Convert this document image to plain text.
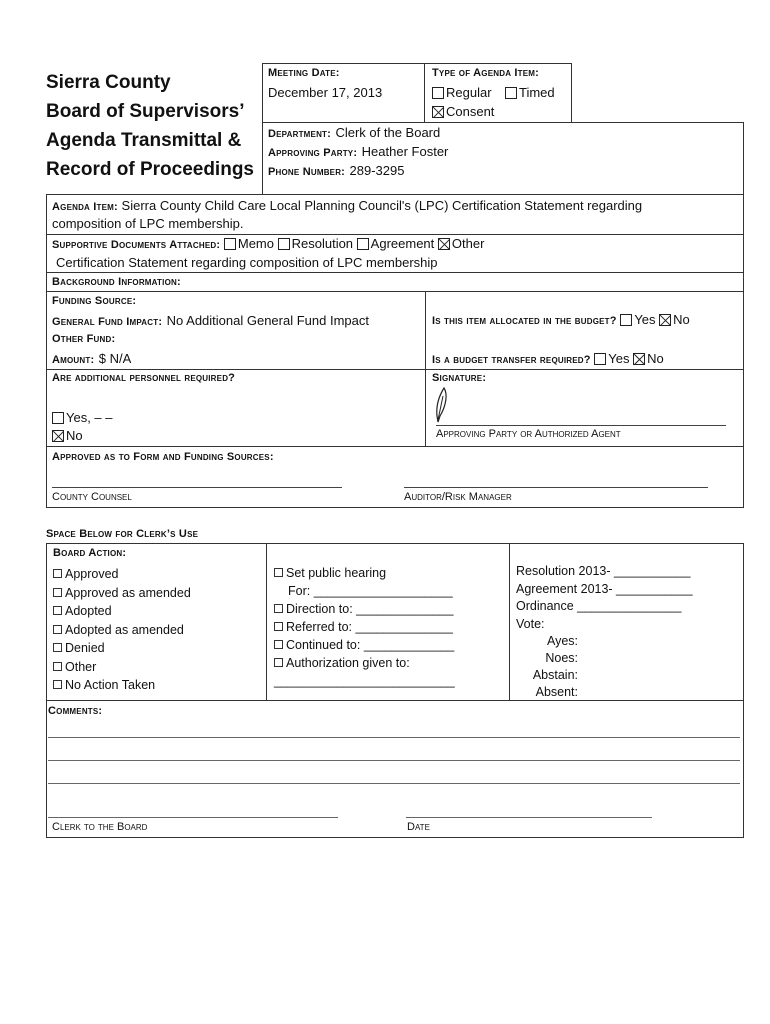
Sierra County
Board of Supervisors’
Agenda Transmittal &
Record of Proceedings
Meeting Date:
December 17, 2013
Type of Agenda Item:
Regular	Timed
Consent
Department: Clerk of the Board
Approving Party: Heather Foster
Phone Number: 289-3295
Agenda Item: Sierra County Child Care Local Planning Council's (LPC) Certification Statement regarding
composition of LPC membership.
Supportive Documents Attached: Memo Resolution Agreement Other
Certification Statement regarding composition of LPC membership
Background Information:
Funding Source:
General Fund Impact: No Additional General Fund Impact
Other Fund:
Amount: $ N/A
Is this item allocated in the budget? Yes No
Is a budget transfer required? Yes No
Are additional personnel required?
Yes, – –
No
Signature:
Approving Party or Authorized Agent
Approved as to Form and Funding Sources:
County Counsel	Auditor/Risk Manager
Space Below for Clerk’s Use
Board Action:
Approved
Approved as amended
Adopted
Adopted as amended
Denied
Other
No Action Taken
Set public hearing
For: ____________________
Direction to: ______________
Referred to: ______________
Continued to: _____________
Authorization given to:
__________________________
Resolution 2013- ___________
Agreement 2013- ___________
Ordinance _______________
Vote:
Ayes:
Noes:
Abstain:
Absent:
Comments:
Clerk to the Board	Date
